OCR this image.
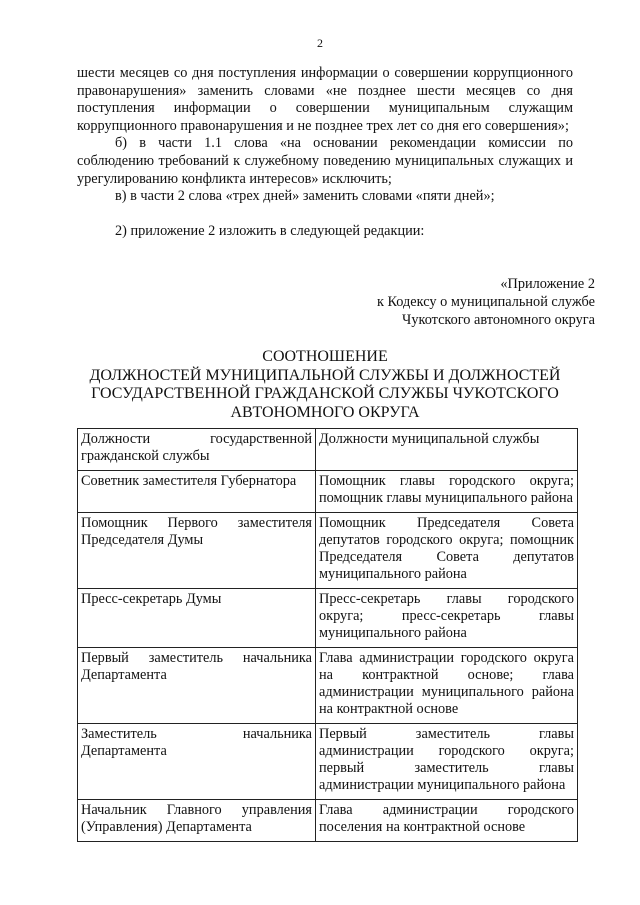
2

шести месяцев со дня поступления информации о совершении коррупционного правонарушения» заменить словами «не позднее шести месяцев со дня поступления информации о совершении муниципальным служащим коррупционного правонарушения и не позднее трех лет со дня его совершения»;

б) в части 1.1 слова «на основании рекомендации комиссии по соблюдению требований к служебному поведению муниципальных служащих и урегулированию конфликта интересов» исключить;

в) в части 2 слова «трех дней» заменить словами «пяти дней»;

2) приложение 2 изложить в следующей редакции:

«Приложение 2
к Кодексу о муниципальной службе
Чукотского автономного округа
СООТНОШЕНИЕ
ДОЛЖНОСТЕЙ МУНИЦИПАЛЬНОЙ СЛУЖБЫ И ДОЛЖНОСТЕЙ
ГОСУДАРСТВЕННОЙ ГРАЖДАНСКОЙ СЛУЖБЫ ЧУКОТСКОГО
АВТОНОМНОГО ОКРУГА
Должности государственной гражданской службы	Должности муниципальной службы
Советник заместителя Губернатора	Помощник главы городского округа; помощник главы муниципального района
Помощник Первого заместителя Председателя Думы	Помощник Председателя Совета депутатов городского округа; помощник Председателя Совета депутатов муниципального района
Пресс-секретарь Думы	Пресс-секретарь главы городского округа; пресс-секретарь главы муниципального района
Первый заместитель начальника Департамента	Глава администрации городского округа на контрактной основе; глава администрации муниципального района на контрактной основе
Заместитель начальника Департамента	Первый заместитель главы администрации городского округа; первый заместитель главы администрации муниципального района
Начальник Главного управления (Управления) Департамента	Глава администрации городского поселения на контрактной основе
